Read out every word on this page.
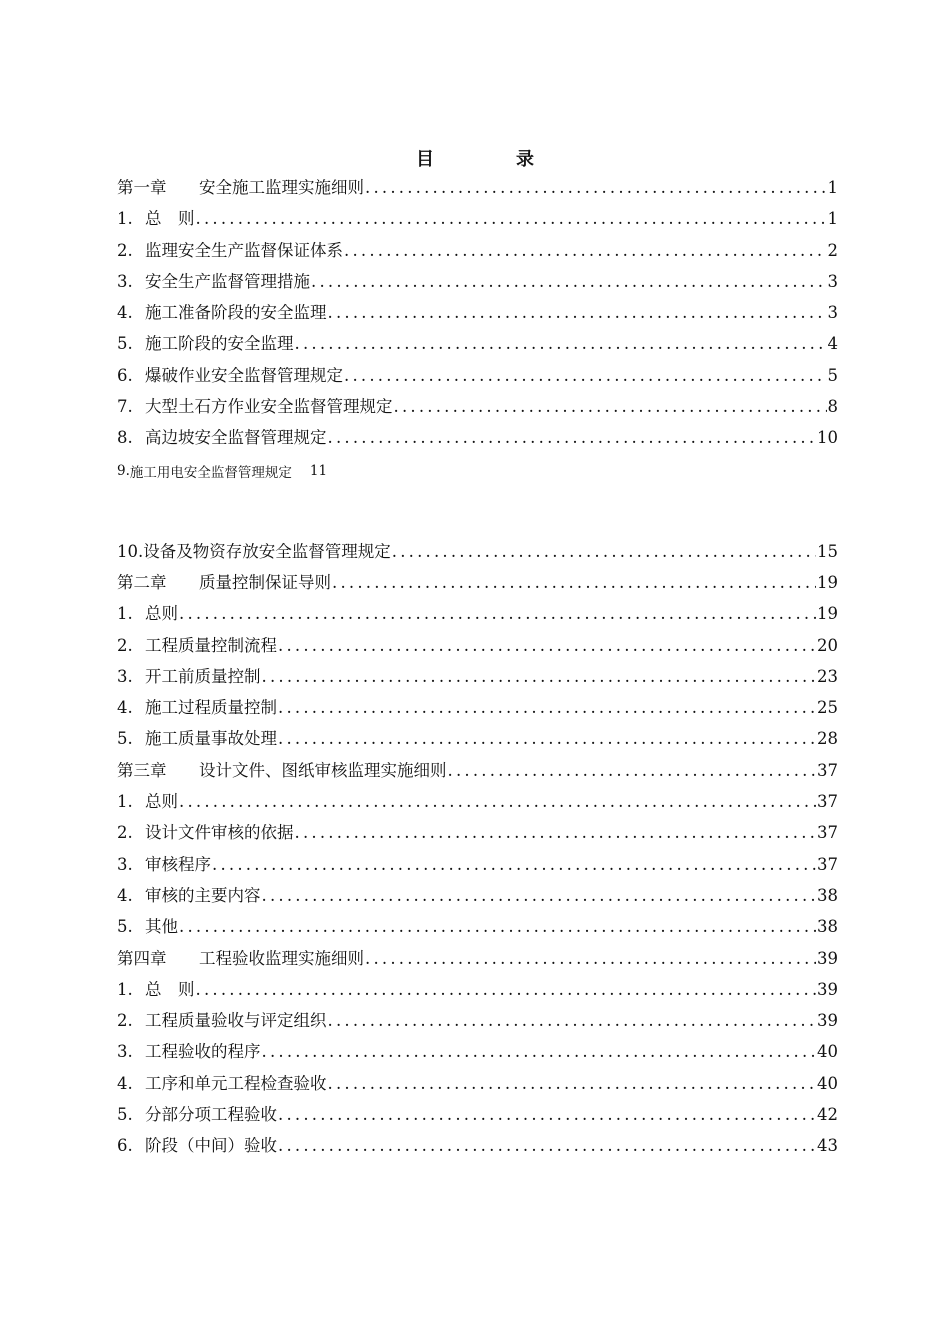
目　录
第一章	安全施工监理实施细则 .....	1
1. 总　则 .....	1
2. 监理安全生产监督保证体系 .....	2
3. 安全生产监督管理措施 .....	3
4. 施工准备阶段的安全监理 .....	3
5. 施工阶段的安全监理 .....	4
6. 爆破作业安全监督管理规定 .....	5
7. 大型土石方作业安全监督管理规定 .....	8
8. 高边坡安全监督管理规定 .....	10
9. 施工用电安全监督管理规定 11
10. 设备及物资存放安全监督管理规定 .....	15
第二章	质量控制保证导则 .....	19
1. 总则 .....	19
2. 工程质量控制流程 .....	20
3. 开工前质量控制 .....	23
4. 施工过程质量控制 .....	25
5. 施工质量事故处理 .....	28
第三章	设计文件、图纸审核监理实施细则 .....	37
1. 总则 .....	37
2. 设计文件审核的依据 .....	37
3. 审核程序 .....	37
4. 审核的主要内容 .....	38
5. 其他 .....	38
第四章	工程验收监理实施细则 .....	39
1. 总　则 .....	39
2. 工程质量验收与评定组织 .....	39
3. 工程验收的程序 .....	40
4. 工序和单元工程检查验收 .....	40
5. 分部分项工程验收 .....	42
6. 阶段（中间）验收 .....	43
